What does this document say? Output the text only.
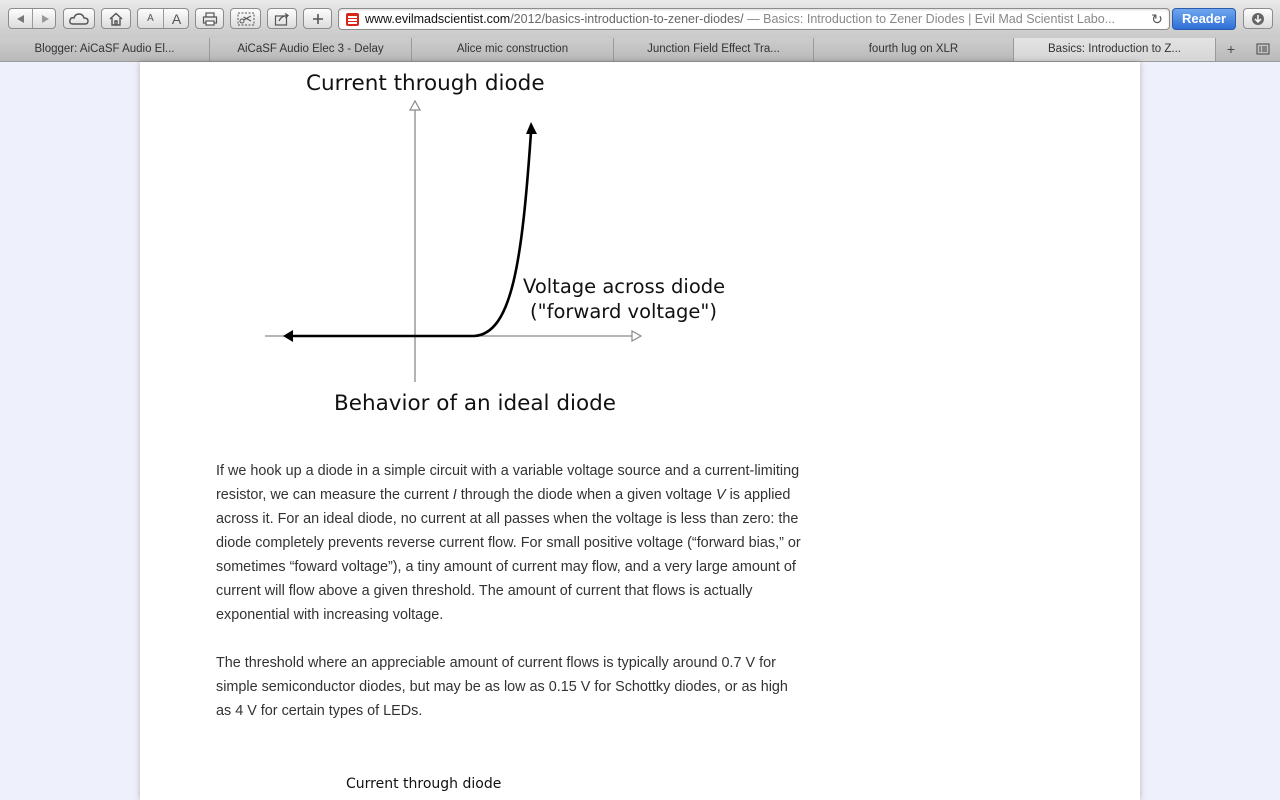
A	A	www.evilmadscientist.com/2012/basics-introduction-to-zener-diodes/ — Basics: Introduction to Zener Diodes | Evil Mad Scientist Labo...	↻	Reader
Blogger: AiCaSF Audio El...	AiCaSF Audio Elec 3 - Delay	Alice mic construction	Junction Field Effect Tra...	fourth lug on XLR	Basics: Introduction to Z...	+
Current through diode
Voltage across diode
("forward voltage")
Behavior of an ideal diode

If we hook up a diode in a simple circuit with a variable voltage source and a current-limiting resistor, we can measure the current I through the diode when a given voltage V is applied across it. For an ideal diode, no current at all passes when the voltage is less than zero: the diode completely prevents reverse current flow. For small positive voltage (“forward bias,” or sometimes “foward voltage”), a tiny amount of current may flow, and a very large amount of current will flow above a given threshold. The amount of current that flows is actually exponential with increasing voltage.

The threshold where an appreciable amount of current flows is typically around 0.7 V for simple semiconductor diodes, but may be as low as 0.15 V for Schottky diodes, or as high as 4 V for certain types of LEDs.

Current through diode
